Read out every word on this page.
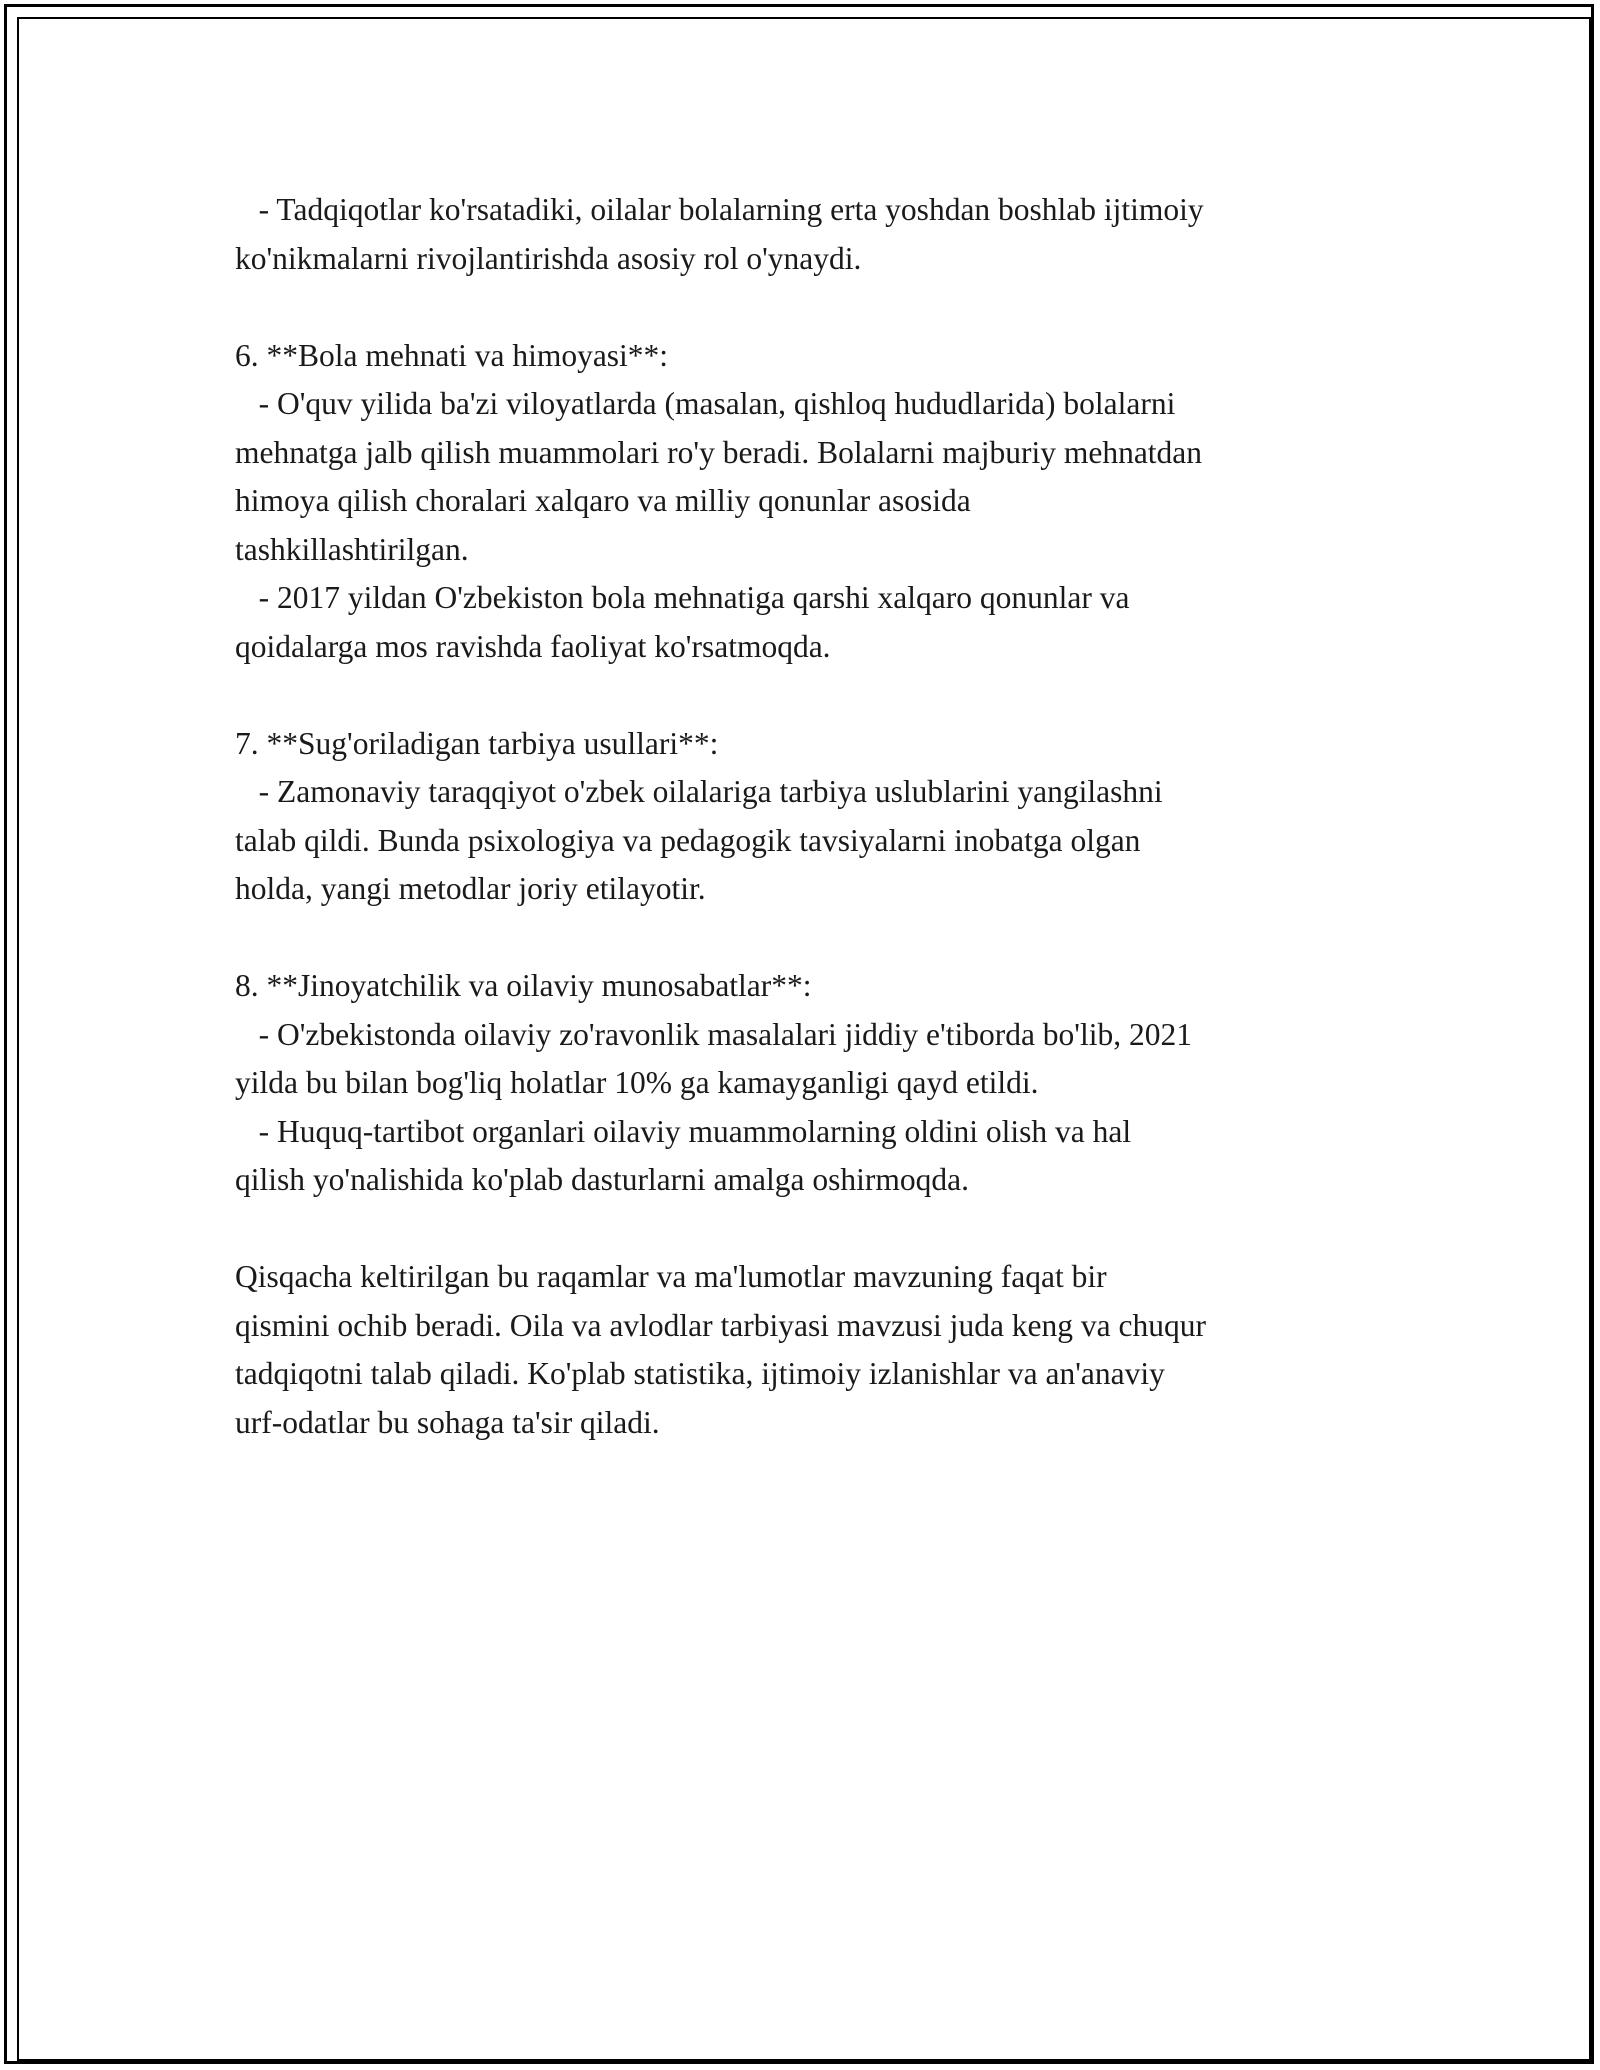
- Tadqiqotlar ko'rsatadiki, oilalar bolalarning erta yoshdan boshlab ijtimoiy
ko'nikmalarni rivojlantirishda asosiy rol o'ynaydi.
6. **Bola mehnati va himoyasi**:
- O'quv yilida ba'zi viloyatlarda (masalan, qishloq hududlarida) bolalarni
mehnatga jalb qilish muammolari ro'y beradi. Bolalarni majburiy mehnatdan
himoya qilish choralari xalqaro va milliy qonunlar asosida
tashkillashtirilgan.
- 2017 yildan O'zbekiston bola mehnatiga qarshi xalqaro qonunlar va
qoidalarga mos ravishda faoliyat ko'rsatmoqda.
7. **Sug'oriladigan tarbiya usullari**:
- Zamonaviy taraqqiyot o'zbek oilalariga tarbiya uslublarini yangilashni
talab qildi. Bunda psixologiya va pedagogik tavsiyalarni inobatga olgan
holda, yangi metodlar joriy etilayotir.
8. **Jinoyatchilik va oilaviy munosabatlar**:
- O'zbekistonda oilaviy zo'ravonlik masalalari jiddiy e'tiborda bo'lib, 2021
yilda bu bilan bog'liq holatlar 10% ga kamayganligi qayd etildi.
- Huquq-tartibot organlari oilaviy muammolarning oldini olish va hal
qilish yo'nalishida ko'plab dasturlarni amalga oshirmoqda.
Qisqacha keltirilgan bu raqamlar va ma'lumotlar mavzuning faqat bir
qismini ochib beradi. Oila va avlodlar tarbiyasi mavzusi juda keng va chuqur
tadqiqotni talab qiladi. Ko'plab statistika, ijtimoiy izlanishlar va an'anaviy
urf-odatlar bu sohaga ta'sir qiladi.
